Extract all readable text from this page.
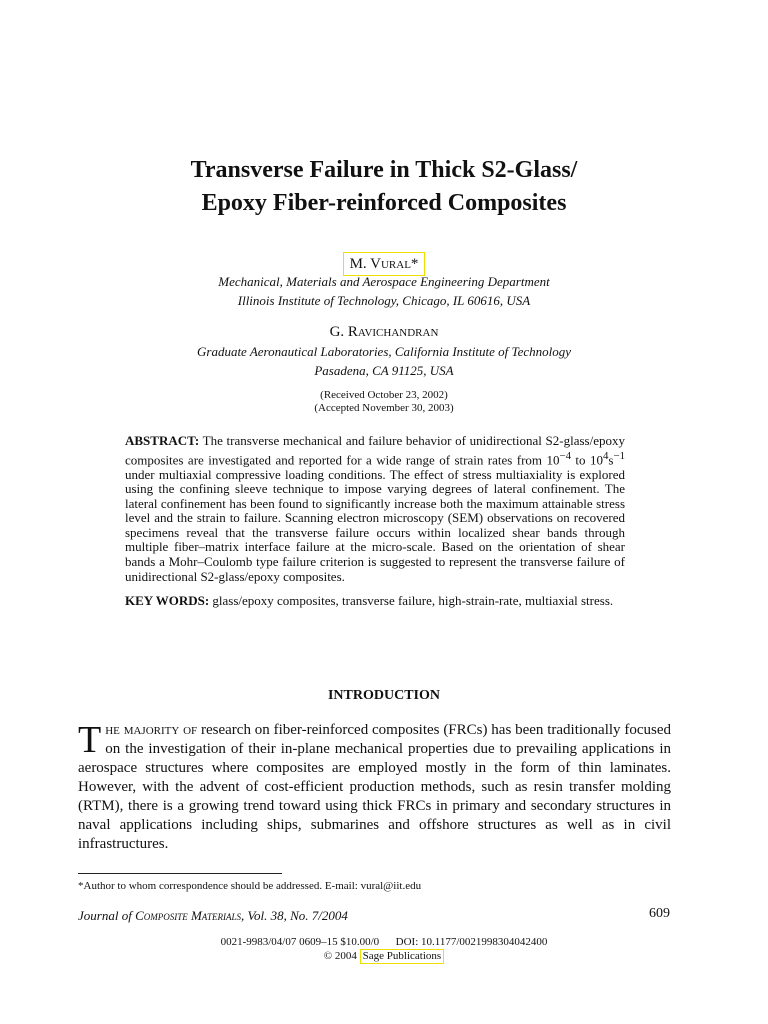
Transverse Failure in Thick S2-Glass/
Epoxy Fiber-reinforced Composites
M. Vural*
Mechanical, Materials and Aerospace Engineering Department
Illinois Institute of Technology, Chicago, IL 60616, USA
G. Ravichandran
Graduate Aeronautical Laboratories, California Institute of Technology
Pasadena, CA 91125, USA
(Received October 23, 2002)
(Accepted November 30, 2003)

ABSTRACT: The transverse mechanical and failure behavior of unidirectional S2-glass/epoxy composites are investigated and reported for a wide range of strain rates from $10^{-4}$ to $10^4s^{-1}$ under multiaxial compressive loading conditions. The effect of stress multiaxiality is explored using the confining sleeve technique to impose varying degrees of lateral confinement. The lateral confinement has been found to significantly increase both the maximum attainable stress level and the strain to failure. Scanning electron microscopy (SEM) observations on recovered specimens reveal that the transverse failure occurs within localized shear bands through multiple fiber–matrix interface failure at the micro-scale. Based on the orientation of shear bands a Mohr–Coulomb type failure criterion is suggested to represent the transverse failure of unidirectional S2-glass/epoxy composites.

KEY WORDS: glass/epoxy composites, transverse failure, high-strain-rate, multiaxial stress.

INTRODUCTION

The majority of research on fiber-reinforced composites (FRCs) has been traditionally focused on the investigation of their in-plane mechanical properties due to prevailing applications in aerospace structures where composites are employed mostly in the form of thin laminates. However, with the advent of cost-efficient production methods, such as resin transfer molding (RTM), there is a growing trend toward using thick FRCs in primary and secondary structures in naval applications including ships, submarines and offshore structures as well as in civil infrastructures.

*Author to whom correspondence should be addressed. E-mail: vural@iit.edu
Journal of Composite Materials, Vol. 38, No. 7/2004	609
0021-9983/04/07 0609–15 $10.00/0      DOI: 10.1177/0021998304042400
© 2004 Sage Publications
